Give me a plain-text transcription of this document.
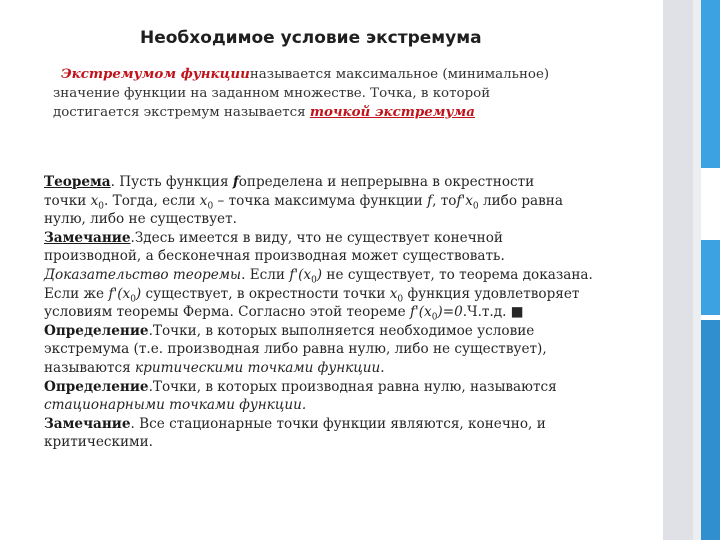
Необходимое условие экстремума

Экстремумом функцииназывается максимальное (минимальное)

значение функции на заданном множестве. Точка, в которой

достигается экстремум называется точкой экстремума

Теорема. Пусть функция fопределена и непрерывна в окрестности

точки $x_0$. Тогда, если $x_0$ – точка максимума функции f, $тоf'x_0$ либо равна

нулю, либо не существует.

Замечание.Здесь имеется в виду, что не существует конечной

производной, а бесконечная производная может существовать.

Доказательство теоремы. Если $f'(x_0)$ не существует, то теорема доказана.

Если же $f'(x_0)$ существует, в окрестности точки $x_0$ функция удовлетворяет

условиям теоремы Ферма. Согласно этой теореме $f'(x_0)=0.Ч.т.д$. ■

Определение.Точки, в которых выполняется необходимое условие

экстремума (т.е. производная либо равна нулю, либо не существует),

называются критическими точками функции.

Определение.Точки, в которых производная равна нулю, называются

стационарными точками функции.

Замечание. Все стационарные точки функции являются, конечно, и

критическими.
